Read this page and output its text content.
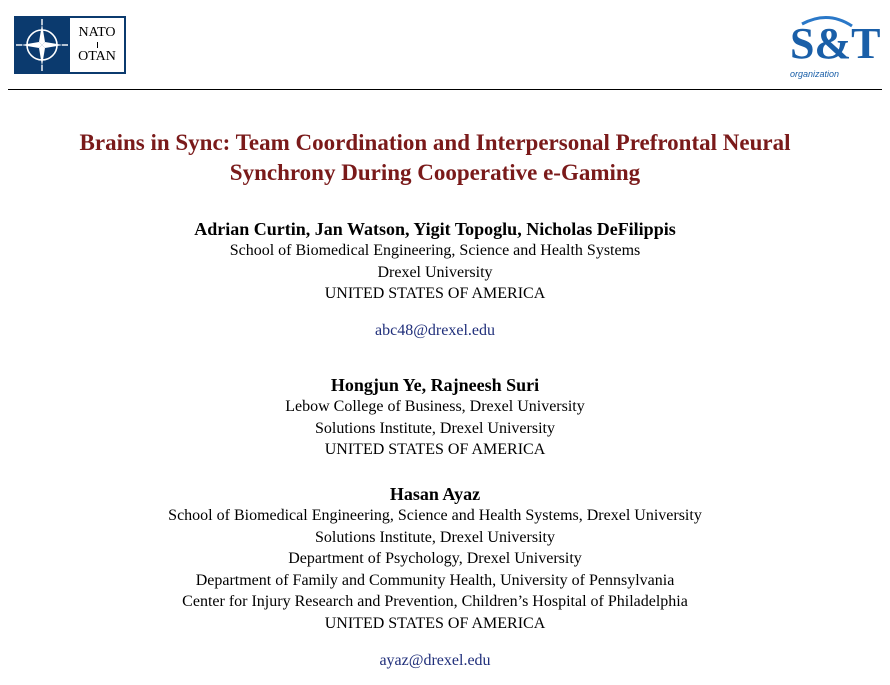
NATO
OTAN	S&T
organization
Brains in Sync: Team Coordination and Interpersonal Prefrontal Neural
Synchrony During Cooperative e-Gaming
Adrian Curtin, Jan Watson, Yigit Topoglu, Nicholas DeFilippis
School of Biomedical Engineering, Science and Health Systems
Drexel University
UNITED STATES OF AMERICA
abc48@drexel.edu
Hongjun Ye, Rajneesh Suri
Lebow College of Business, Drexel University
Solutions Institute, Drexel University
UNITED STATES OF AMERICA
Hasan Ayaz
School of Biomedical Engineering, Science and Health Systems, Drexel University
Solutions Institute, Drexel University
Department of Psychology, Drexel University
Department of Family and Community Health, University of Pennsylvania
Center for Injury Research and Prevention, Children’s Hospital of Philadelphia
UNITED STATES OF AMERICA
ayaz@drexel.edu
